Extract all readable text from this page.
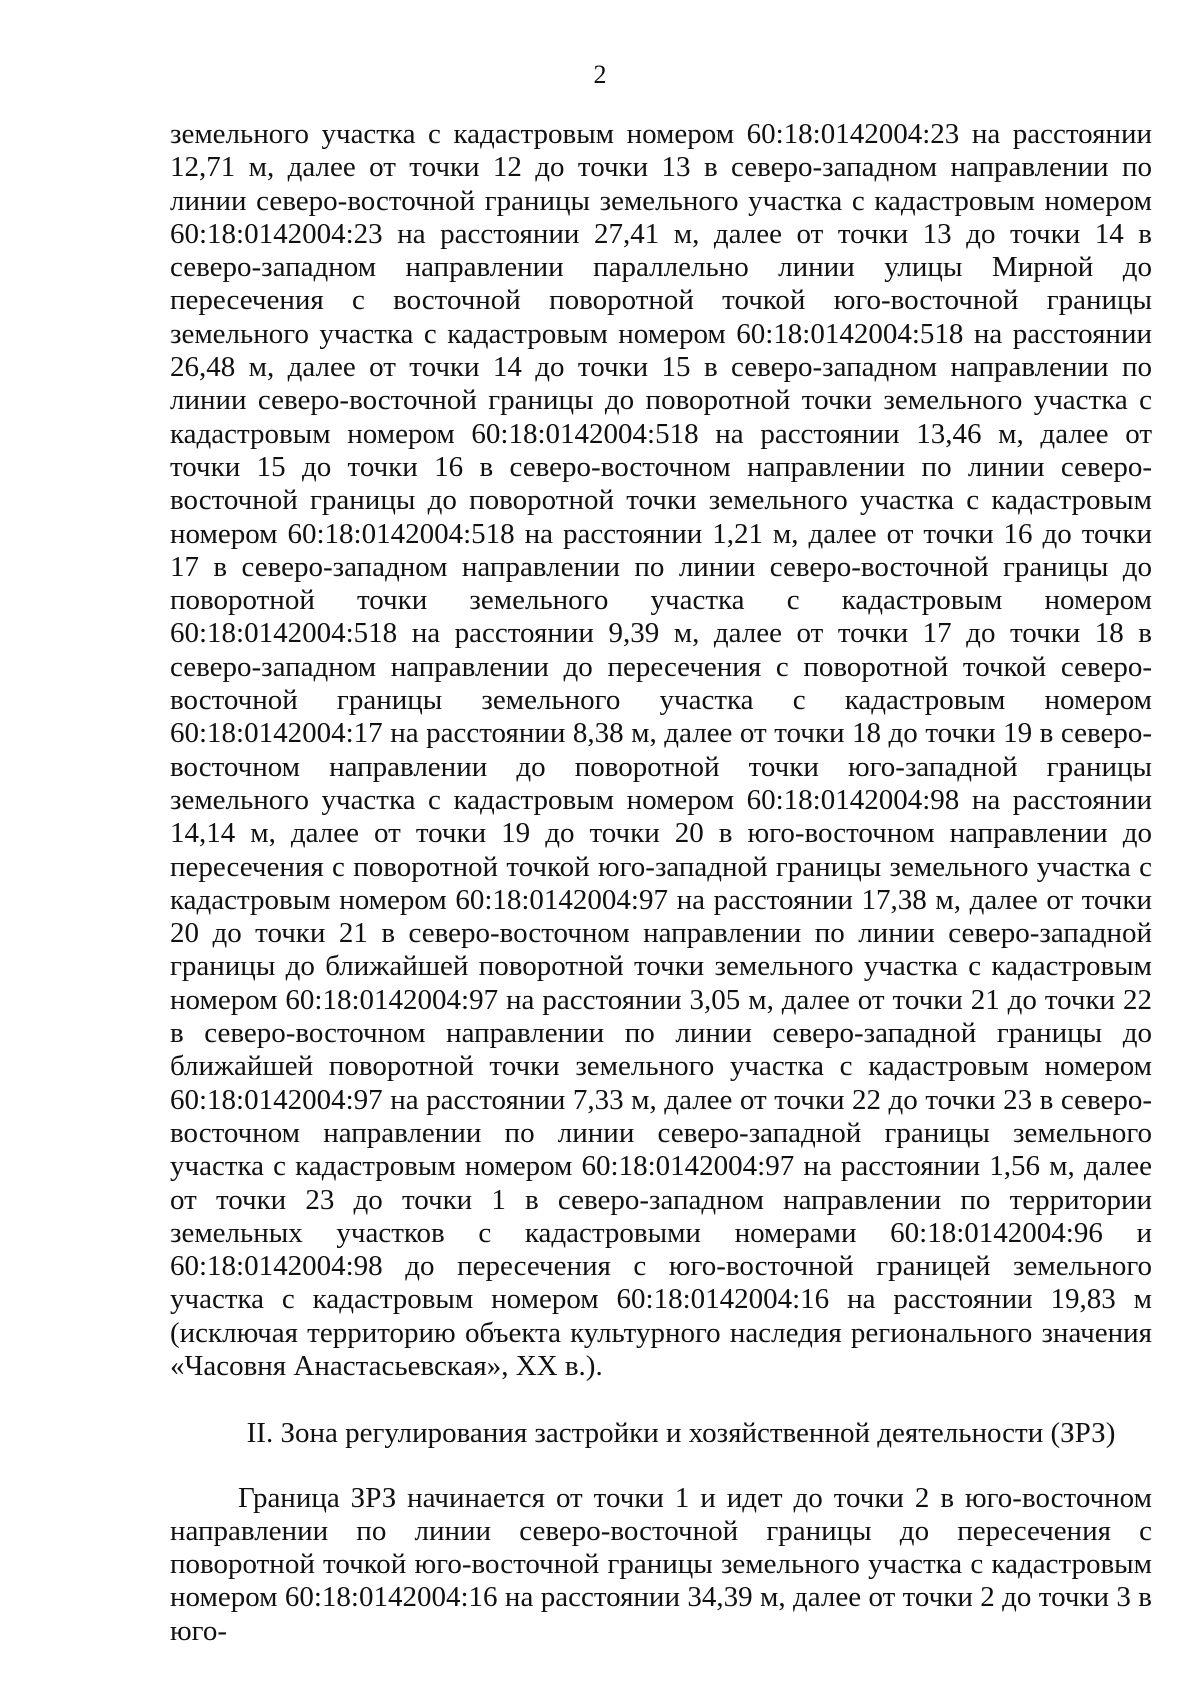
2

земельного участка с кадастровым номером 60:18:0142004:23 на расстоянии 12,71 м, далее от точки 12 до точки 13 в северо-западном направлении по линии северо-восточной границы земельного участка с кадастровым номером 60:18:0142004:23 на расстоянии 27,41 м, далее от точки 13 до точки 14 в северо-западном направлении параллельно линии улицы Мирной до пересечения с восточной поворотной точкой юго-восточной границы земельного участка с кадастровым номером 60:18:0142004:518 на расстоянии 26,48 м, далее от точки 14 до точки 15 в северо-западном направлении по линии северо-восточной границы до поворотной точки земельного участка с кадастровым номером 60:18:0142004:518 на расстоянии 13,46 м, далее от точки 15 до точки 16 в северо-восточном направлении по линии северо-восточной границы до поворотной точки земельного участка с кадастровым номером 60:18:0142004:518 на расстоянии 1,21 м, далее от точки 16 до точки 17 в северо-западном направлении по линии северо-восточной границы до поворотной точки земельного участка с кадастровым номером 60:18:0142004:518 на расстоянии 9,39 м, далее от точки 17 до точки 18 в северо-западном направлении до пересечения с поворотной точкой северо-восточной границы земельного участка с кадастровым номером 60:18:0142004:17 на расстоянии 8,38 м, далее от точки 18 до точки 19 в северо-восточном направлении до поворотной точки юго-западной границы земельного участка с кадастровым номером 60:18:0142004:98 на расстоянии 14,14 м, далее от точки 19 до точки 20 в юго-восточном направлении до пересечения с поворотной точкой юго-западной границы земельного участка с кадастровым номером 60:18:0142004:97 на расстоянии 17,38 м, далее от точки 20 до точки 21 в северо-восточном направлении по линии северо-западной границы до ближайшей поворотной точки земельного участка с кадастровым номером 60:18:0142004:97 на расстоянии 3,05 м, далее от точки 21 до точки 22 в северо-восточном направлении по линии северо-западной границы до ближайшей поворотной точки земельного участка с кадастровым номером 60:18:0142004:97 на расстоянии 7,33 м, далее от точки 22 до точки 23 в северо-восточном направлении по линии северо-западной границы земельного участка с кадастровым номером 60:18:0142004:97 на расстоянии 1,56 м, далее от точки 23 до точки 1 в северо-западном направлении по территории земельных участков с кадастровыми номерами 60:18:0142004:96 и 60:18:0142004:98 до пересечения с юго-восточной границей земельного участка с кадастровым номером 60:18:0142004:16 на расстоянии 19,83 м (исключая территорию объекта культурного наследия регионального значения «Часовня Анастасьевская», XX в.).

II. Зона регулирования застройки и хозяйственной деятельности (ЗРЗ)

Граница ЗРЗ начинается от точки 1 и идет до точки 2 в юго-восточном направлении по линии северо-восточной границы до пересечения с поворотной точкой юго-восточной границы земельного участка с кадастровым номером 60:18:0142004:16 на расстоянии 34,39 м, далее от точки 2 до точки 3 в юго-
